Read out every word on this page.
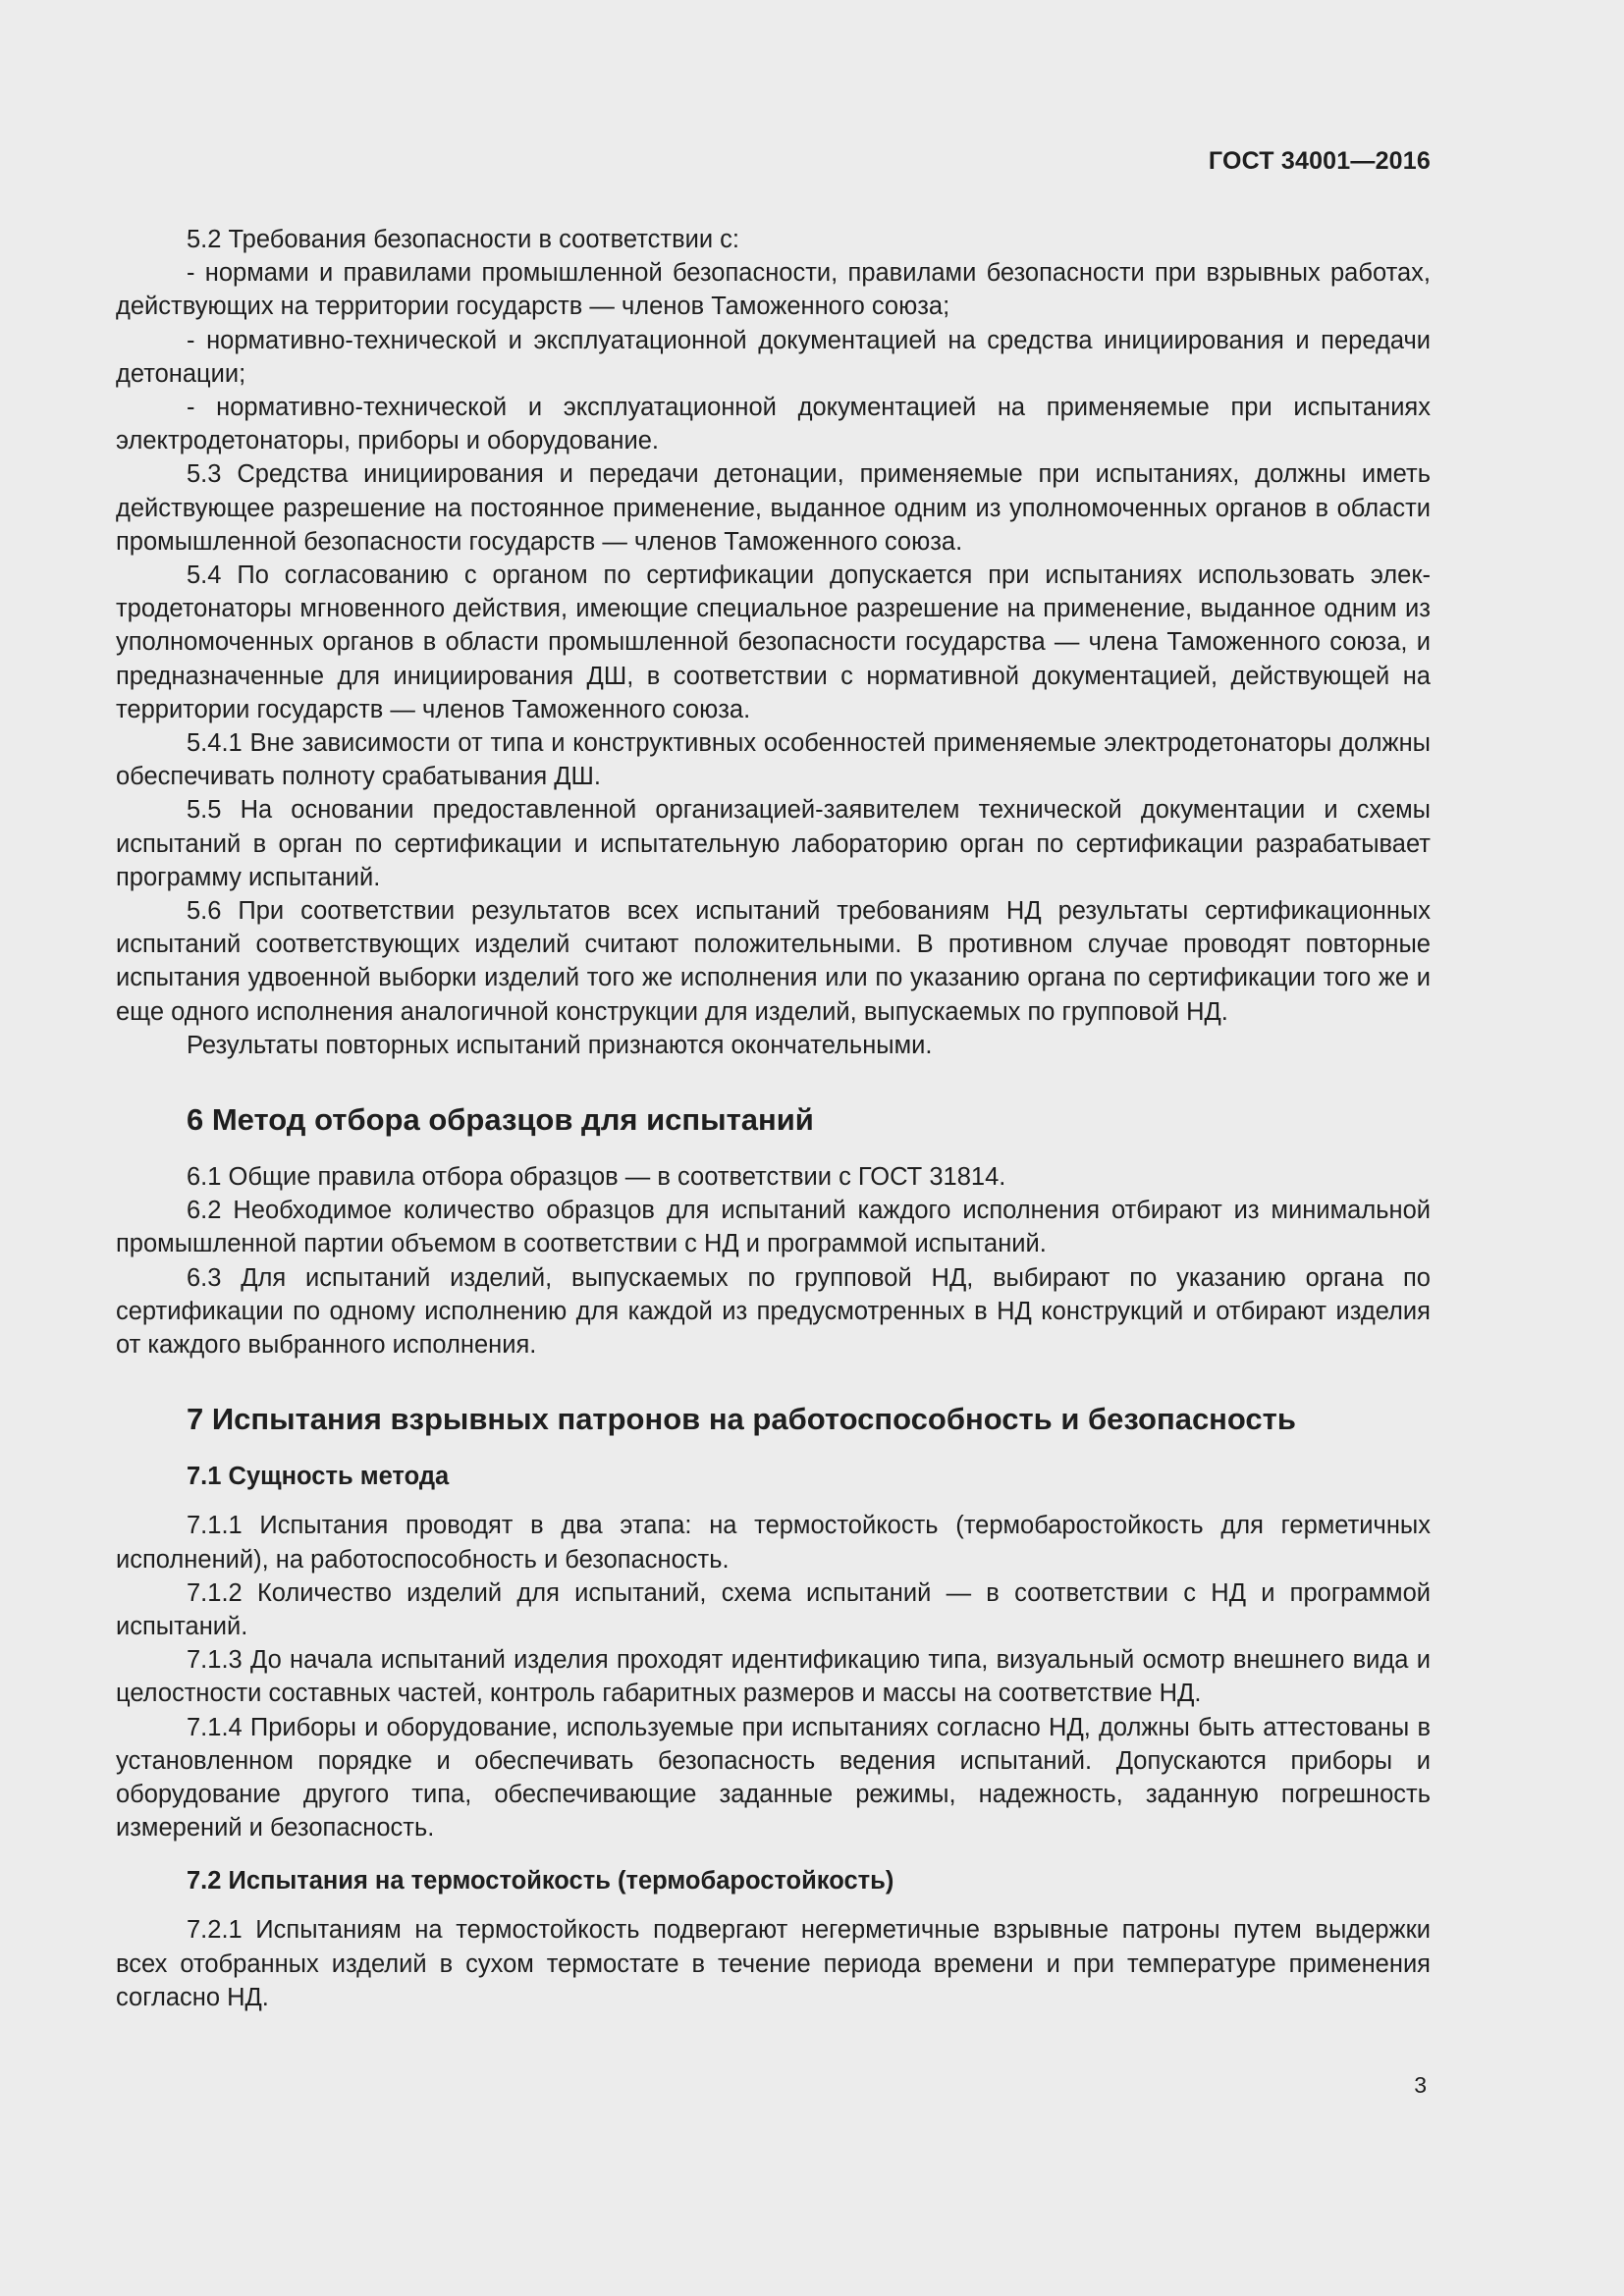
ГОСТ 34001—2016

5.2 Требования безопасности в соответствии с:

- нормами и правилами промышленной безопасности, правилами безопасности при взрывных работах, действующих на территории государств — членов Таможенного союза;

- нормативно-технической и эксплуатационной документацией на средства инициирования и передачи детонации;

- нормативно-технической и эксплуатационной документацией на применяемые при испытаниях электродетонаторы, приборы и оборудование.

5.3 Средства инициирования и передачи детонации, применяемые при испытаниях, должны иметь действующее разрешение на постоянное применение, выданное одним из уполномоченных органов в области промышленной безопасности государств — членов Таможенного союза.

5.4 По согласованию с органом по сертификации допускается при испытаниях использовать электродетонаторы мгновенного действия, имеющие специальное разрешение на применение, выданное одним из уполномоченных органов в области промышленной безопасности государства — члена Таможенного союза, и предназначенные для инициирования ДШ, в соответствии с нормативной документацией, действующей на территории государств — членов Таможенного союза.

5.4.1 Вне зависимости от типа и конструктивных особенностей применяемые электродетонаторы должны обеспечивать полноту срабатывания ДШ.

5.5 На основании предоставленной организацией-заявителем технической документации и схемы испытаний в орган по сертификации и испытательную лабораторию орган по сертификации разрабатывает программу испытаний.

5.6 При соответствии результатов всех испытаний требованиям НД результаты сертификационных испытаний соответствующих изделий считают положительными. В противном случае проводят повторные испытания удвоенной выборки изделий того же исполнения или по указанию органа по сертификации того же и еще одного исполнения аналогичной конструкции для изделий, выпускаемых по групповой НД.

Результаты повторных испытаний признаются окончательными.

6 Метод отбора образцов для испытаний

6.1 Общие правила отбора образцов — в соответствии с ГОСТ 31814.

6.2 Необходимое количество образцов для испытаний каждого исполнения отбирают из минимальной промышленной партии объемом в соответствии с НД и программой испытаний.

6.3 Для испытаний изделий, выпускаемых по групповой НД, выбирают по указанию органа по сертификации по одному исполнению для каждой из предусмотренных в НД конструкций и отбирают изделия от каждого выбранного исполнения.

7 Испытания взрывных патронов на работоспособность и безопасность
7.1 Сущность метода

7.1.1 Испытания проводят в два этапа: на термостойкость (термобаростойкость для герметичных исполнений), на работоспособность и безопасность.

7.1.2 Количество изделий для испытаний, схема испытаний — в соответствии с НД и программой испытаний.

7.1.3 До начала испытаний изделия проходят идентификацию типа, визуальный осмотр внешнего вида и целостности составных частей, контроль габаритных размеров и массы на соответствие НД.

7.1.4 Приборы и оборудование, используемые при испытаниях согласно НД, должны быть аттестованы в установленном порядке и обеспечивать безопасность ведения испытаний. Допускаются приборы и оборудование другого типа, обеспечивающие заданные режимы, надежность, заданную погрешность измерений и безопасность.

7.2 Испытания на термостойкость (термобаростойкость)

7.2.1 Испытаниям на термостойкость подвергают негерметичные взрывные патроны путем выдержки всех отобранных изделий в сухом термостате в течение периода времени и при температуре применения согласно НД.

3
